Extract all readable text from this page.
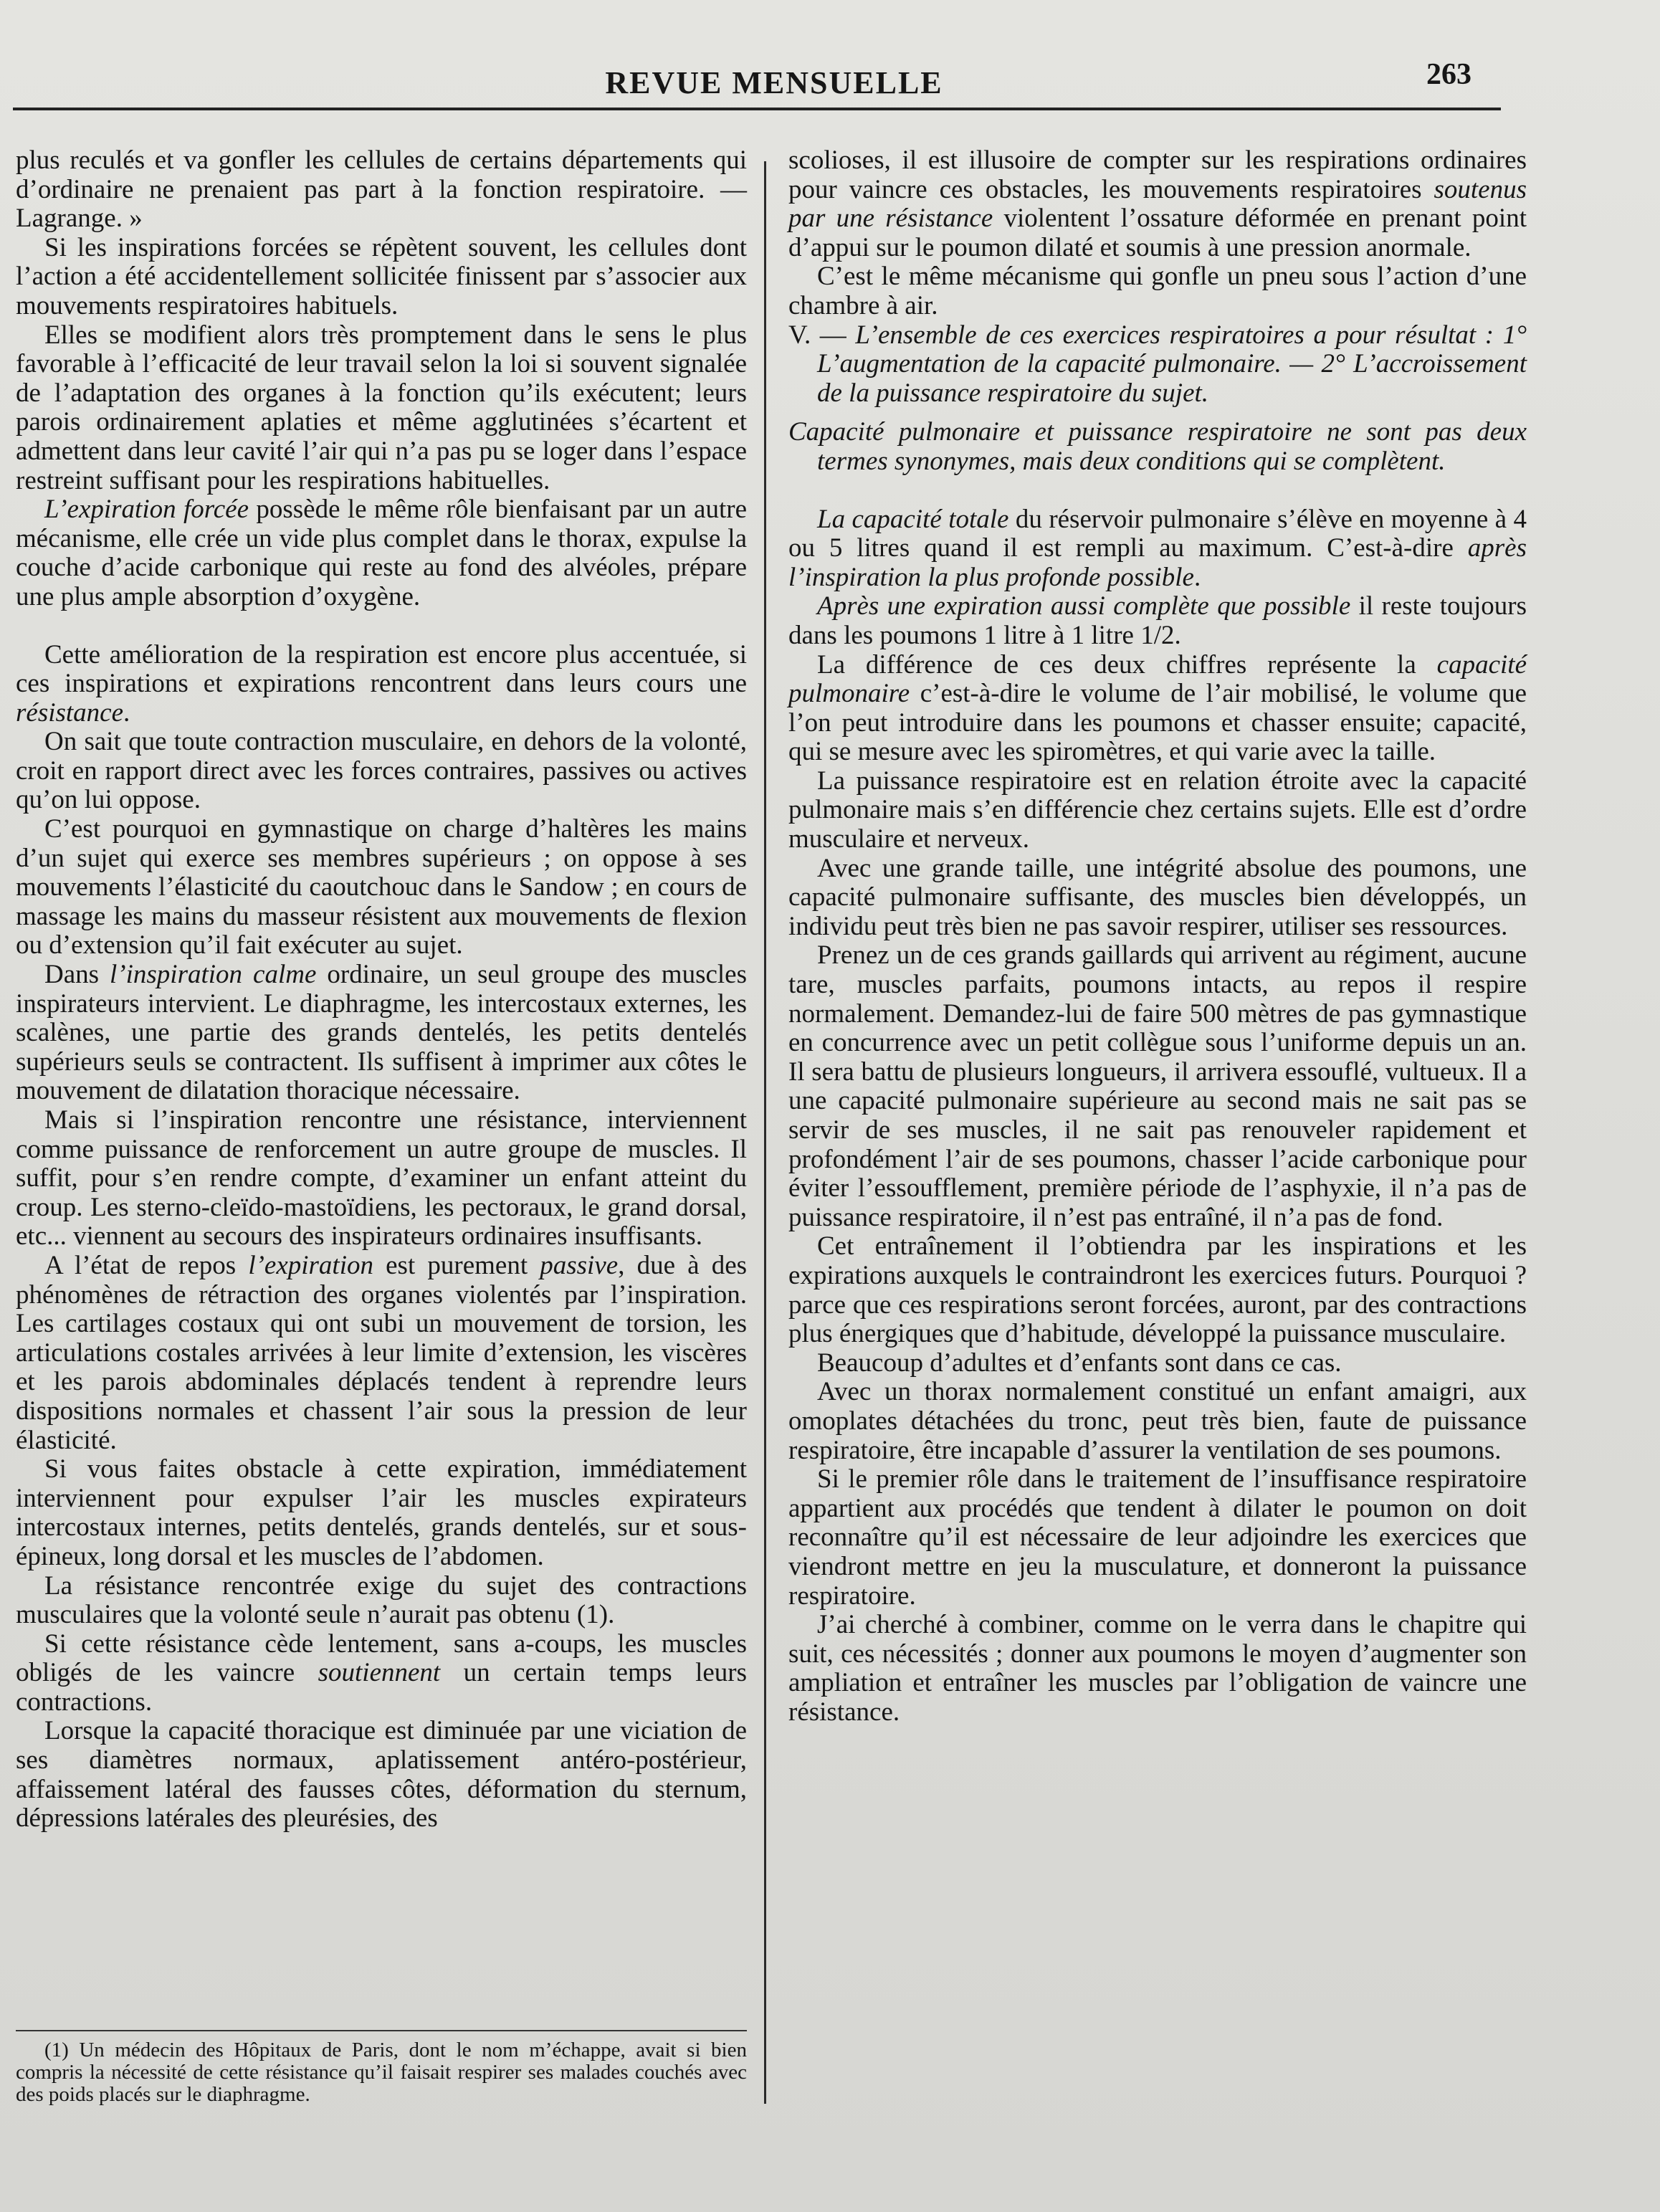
REVUE MENSUELLE	263

plus reculés et va gonfler les cellules de certains départements qui d’ordinaire ne prenaient pas part à la fonction respiratoire. — Lagrange. »

Si les inspirations forcées se répètent souvent, les cellules dont l’action a été accidentellement sollicitée finissent par s’associer aux mouvements respiratoires habituels.

Elles se modifient alors très promptement dans le sens le plus favorable à l’efficacité de leur travail selon la loi si souvent signalée de l’adaptation des organes à la fonction qu’ils exécutent; leurs parois ordinairement aplaties et même agglutinées s’écartent et admettent dans leur cavité l’air qui n’a pas pu se loger dans l’espace restreint suffisant pour les respirations habituelles.

L’expiration forcée possède le même rôle bienfaisant par un autre mécanisme, elle crée un vide plus complet dans le thorax, expulse la couche d’acide carbonique qui reste au fond des alvéoles, prépare une plus ample absorption d’oxygène.

Cette amélioration de la respiration est encore plus accentuée, si ces inspirations et expirations rencontrent dans leurs cours une résistance.

On sait que toute contraction musculaire, en dehors de la volonté, croit en rapport direct avec les forces contraires, passives ou actives qu’on lui oppose.

C’est pourquoi en gymnastique on charge d’haltères les mains d’un sujet qui exerce ses membres supérieurs ; on oppose à ses mouvements l’élasticité du caoutchouc dans le Sandow ; en cours de massage les mains du masseur résistent aux mouvements de flexion ou d’extension qu’il fait exécuter au sujet.

Dans l’inspiration calme ordinaire, un seul groupe des muscles inspirateurs intervient. Le diaphragme, les intercostaux externes, les scalènes, une partie des grands dentelés, les petits dentelés supérieurs seuls se contractent. Ils suffisent à imprimer aux côtes le mouvement de dilatation thoracique nécessaire.

Mais si l’inspiration rencontre une résistance, interviennent comme puissance de renforcement un autre groupe de muscles. Il suffit, pour s’en rendre compte, d’examiner un enfant atteint du croup. Les sterno-cleïdo-mastoïdiens, les pectoraux, le grand dorsal, etc... viennent au secours des inspirateurs ordinaires insuffisants.

A l’état de repos l’expiration est purement passive, due à des phénomènes de rétraction des organes violentés par l’inspiration. Les cartilages costaux qui ont subi un mouvement de torsion, les articulations costales arrivées à leur limite d’extension, les viscères et les parois abdominales déplacés tendent à reprendre leurs dispositions normales et chassent l’air sous la pression de leur élasticité.

Si vous faites obstacle à cette expiration, immédiatement interviennent pour expulser l’air les muscles expirateurs intercostaux internes, petits dentelés, grands dentelés, sur et sous-épineux, long dorsal et les muscles de l’abdomen.

La résistance rencontrée exige du sujet des contractions musculaires que la volonté seule n’aurait pas obtenu (1).

Si cette résistance cède lentement, sans a-coups, les muscles obligés de les vaincre soutiennent un certain temps leurs contractions.

Lorsque la capacité thoracique est diminuée par une viciation de ses diamètres normaux, aplatissement antéro-postérieur, affaissement latéral des fausses côtes, déformation du sternum, dépressions latérales des pleurésies, des

(1) Un médecin des Hôpitaux de Paris, dont le nom m’échappe, avait si bien compris la nécessité de cette résistance qu’il faisait respirer ses malades couchés avec des poids placés sur le diaphragme.

scolioses, il est illusoire de compter sur les respirations ordinaires pour vaincre ces obstacles, les mouvements respiratoires soutenus par une résistance violentent l’ossature déformée en prenant point d’appui sur le poumon dilaté et soumis à une pression anormale.

C’est le même mécanisme qui gonfle un pneu sous l’action d’une chambre à air.

V. — L’ensemble de ces exercices respiratoires a pour résultat : 1° L’augmentation de la capacité pulmonaire. — 2° L’accroissement de la puissance respiratoire du sujet.

Capacité pulmonaire et puissance respiratoire ne sont pas deux termes synonymes, mais deux conditions qui se complètent.

La capacité totale du réservoir pulmonaire s’élève en moyenne à 4 ou 5 litres quand il est rempli au maximum. C’est-à-dire après l’inspiration la plus profonde possible.

Après une expiration aussi complète que possible il reste toujours dans les poumons 1 litre à 1 litre 1/2.

La différence de ces deux chiffres représente la capacité pulmonaire c’est-à-dire le volume de l’air mobilisé, le volume que l’on peut introduire dans les poumons et chasser ensuite; capacité, qui se mesure avec les spiromètres, et qui varie avec la taille.

La puissance respiratoire est en relation étroite avec la capacité pulmonaire mais s’en différencie chez certains sujets. Elle est d’ordre musculaire et nerveux.

Avec une grande taille, une intégrité absolue des poumons, une capacité pulmonaire suffisante, des muscles bien développés, un individu peut très bien ne pas savoir respirer, utiliser ses ressources.

Prenez un de ces grands gaillards qui arrivent au régiment, aucune tare, muscles parfaits, poumons intacts, au repos il respire normalement. Demandez-lui de faire 500 mètres de pas gymnastique en concurrence avec un petit collègue sous l’uniforme depuis un an. Il sera battu de plusieurs longueurs, il arrivera essouflé, vultueux. Il a une capacité pulmonaire supérieure au second mais ne sait pas se servir de ses muscles, il ne sait pas renouveler rapidement et profondément l’air de ses poumons, chasser l’acide carbonique pour éviter l’essoufflement, première période de l’asphyxie, il n’a pas de puissance respiratoire, il n’est pas entraîné, il n’a pas de fond.

Cet entraînement il l’obtiendra par les inspirations et les expirations auxquels le contraindront les exercices futurs. Pourquoi ? parce que ces respirations seront forcées, auront, par des contractions plus énergiques que d’habitude, développé la puissance musculaire.

Beaucoup d’adultes et d’enfants sont dans ce cas.

Avec un thorax normalement constitué un enfant amaigri, aux omoplates détachées du tronc, peut très bien, faute de puissance respiratoire, être incapable d’assurer la ventilation de ses poumons.

Si le premier rôle dans le traitement de l’insuffisance respiratoire appartient aux procédés que tendent à dilater le poumon on doit reconnaître qu’il est nécessaire de leur adjoindre les exercices que viendront mettre en jeu la musculature, et donneront la puissance respiratoire.

J’ai cherché à combiner, comme on le verra dans le chapitre qui suit, ces nécessités ; donner aux poumons le moyen d’augmenter son ampliation et entraîner les muscles par l’obligation de vaincre une résistance.
